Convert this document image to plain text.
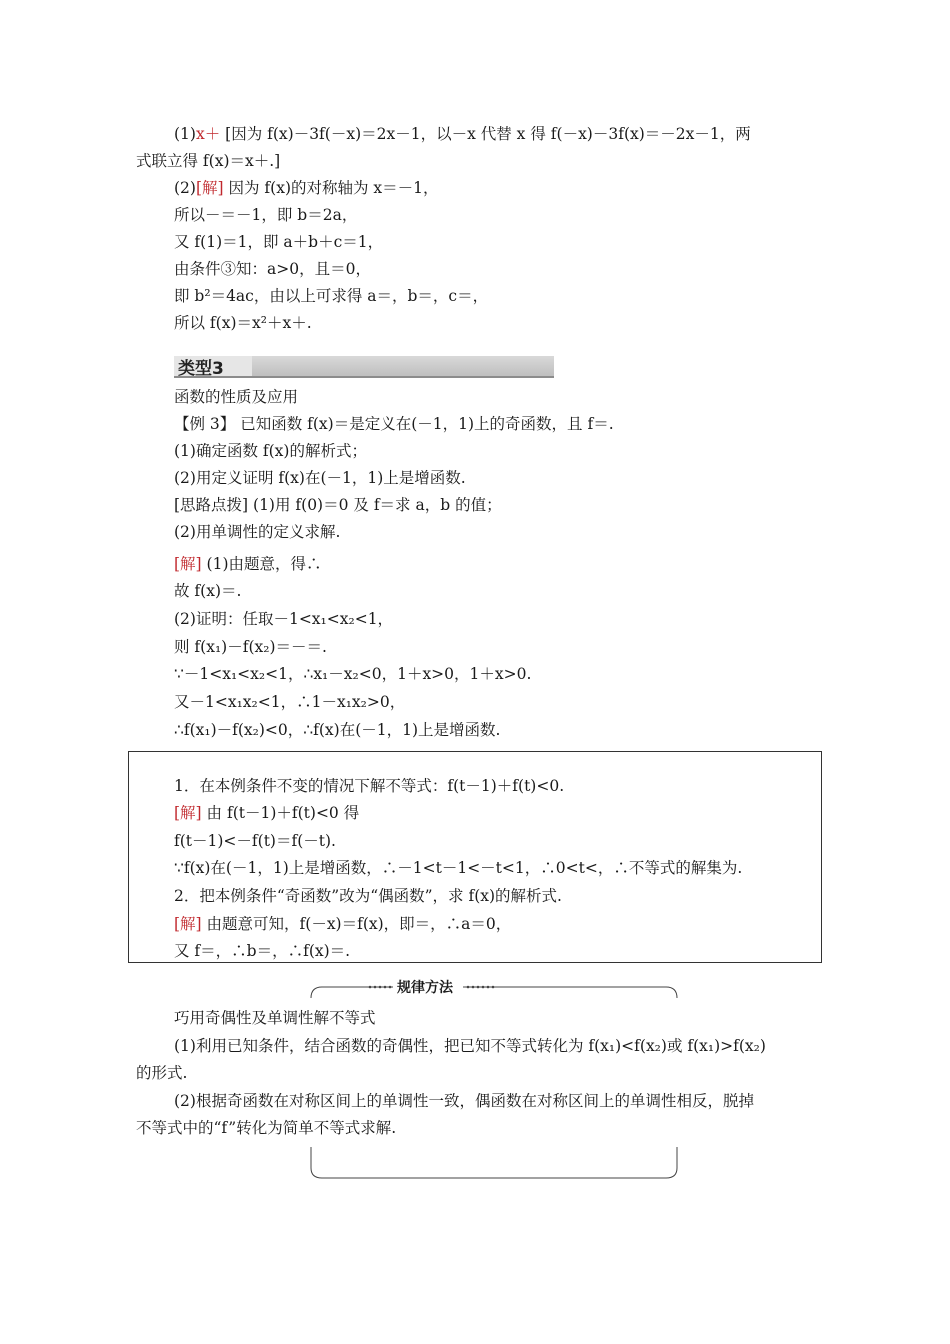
(1)x＋ [因为 f(x)－3f(－x)＝2x－1，以－x 代替 x 得 f(－x)－3f(x)＝－2x－1，两
式联立得 f(x)＝x＋.]
(2)[解] 因为 f(x)的对称轴为 x＝－1，
所以－＝－1，即 b＝2a，
又 f(1)＝1，即 a＋b＋c＝1，
由条件③知：a>0，且＝0，
即 b²＝4ac，由以上可求得 a＝，b＝，c＝，
所以 f(x)＝x²＋x＋.
类型3
函数的性质及应用
【例 3】 已知函数 f(x)＝是定义在(－1，1)上的奇函数，且 f＝.
(1)确定函数 f(x)的解析式；
(2)用定义证明 f(x)在(－1，1)上是增函数.
[思路点拨] (1)用 f(0)＝0 及 f＝求 a，b 的值；
(2)用单调性的定义求解.
[解] (1)由题意，得∴
故 f(x)＝.
(2)证明：任取－1<x₁<x₂<1，
则 f(x₁)－f(x₂)＝－＝.
∵－1<x₁<x₂<1，∴x₁－x₂<0，1＋x>0，1＋x>0.
又－1<x₁x₂<1，∴1－x₁x₂>0，
∴f(x₁)－f(x₂)<0，∴f(x)在(－1，1)上是增函数.
1．在本例条件不变的情况下解不等式：f(t－1)＋f(t)<0.
[解] 由 f(t－1)＋f(t)<0 得
f(t－1)<－f(t)＝f(－t).
∵f(x)在(－1，1)上是增函数，∴－1<t－1<－t<1，∴0<t<，∴不等式的解集为.
2．把本例条件“奇函数”改为“偶函数”，求 f(x)的解析式.
[解] 由题意可知，f(－x)＝f(x)，即＝，∴a＝0，
又 f＝，∴b＝，∴f(x)＝.
规律方法
巧用奇偶性及单调性解不等式
(1)利用已知条件，结合函数的奇偶性，把已知不等式转化为 f(x₁)<f(x₂)或 f(x₁)>f(x₂)
的形式.
(2)根据奇函数在对称区间上的单调性一致，偶函数在对称区间上的单调性相反，脱掉
不等式中的“f”转化为简单不等式求解.
